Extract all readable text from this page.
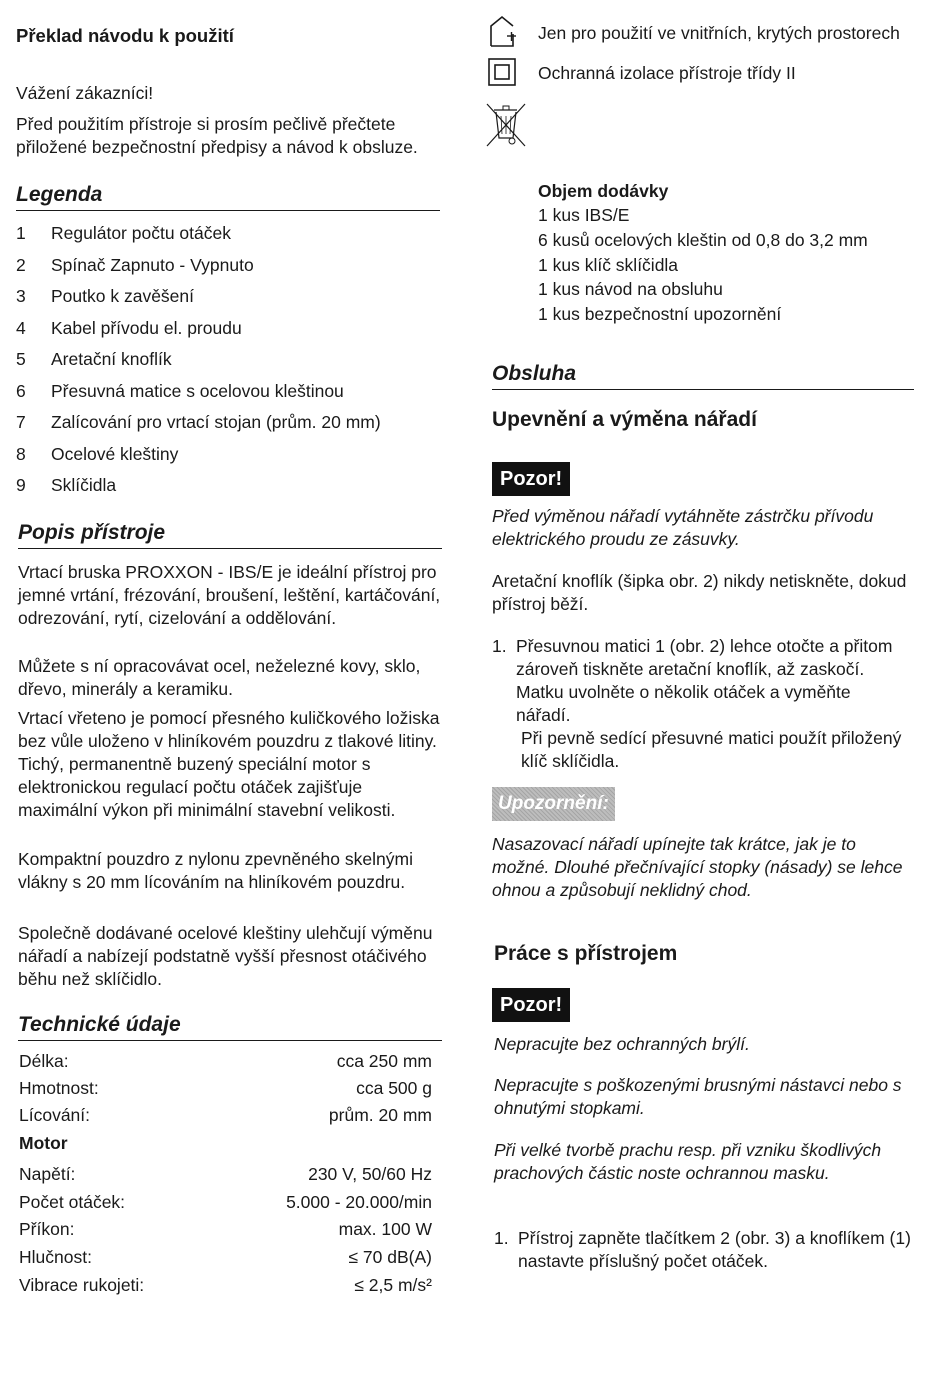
Překlad návodu k použití

Vážení zákazníci!

Před použitím přístroje si prosím pečlivě přečtete přiložené bezpečnostní předpisy a návod k obsluze.

Legenda
1	Regulátor počtu otáček
2	Spínač Zapnuto - Vypnuto
3	Poutko k zavěšení
4	Kabel přívodu el. proudu
5	Aretační knoflík
6	Přesuvná matice s ocelovou kleštinou
7	Zalícování pro vrtací stojan (prům. 20 mm)
8	Ocelové kleštiny
9	Sklíčidla
Popis přístroje

Vrtací bruska PROXXON - IBS/E je ideální přístroj pro jemné vrtání, frézování, broušení, leštění, kartáčování, odrezování, rytí, cizelování a oddělování.

Můžete s ní opracovávat ocel, neželezné kovy, sklo, dřevo, minerály a keramiku.

Vrtací vřeteno je pomocí přesného kuličkového ložiska bez vůle uloženo v hliníkovém pouzdru z tlakové litiny. Tichý, permanentně buzený speciální motor s elektronickou regulací počtu otáček zajišťuje maximální výkon při minimální stavební velikosti.

Kompaktní pouzdro z nylonu zpevněného skelnými vlákny s 20 mm lícováním na hliníkovém pouzdru.

Společně dodávané ocelové kleštiny ulehčují výměnu nářadí a nabízejí podstatně vyšší přesnost otáčivého běhu než sklíčidlo.

Technické údaje
Délka:	cca 250 mm
Hmotnost:	cca 500 g
Lícování:	prům. 20 mm
Motor
Napětí:	230 V, 50/60 Hz
Počet otáček:	5.000 - 20.000/min
Příkon:	max. 100 W
Hlučnost:	≤ 70 dB(A)
Vibrace rukojeti:	≤ 2,5 m/s²
Jen pro použití ve vnitřních, krytých prostorech
Ochranná izolace přístroje třídy II
Objem dodávky
1 kus IBS/E
6 kusů ocelových kleštin od 0,8 do 3,2 mm
1 kus klíč sklíčidla
1 kus návod na obsluhu
1 kus bezpečnostní upozornění
Obsluha
Upevnění a výměna nářadí
Pozor!

Před výměnou nářadí vytáhněte zástrčku přívodu elektrického proudu ze zásuvky.

Aretační knoflík (šipka obr. 2) nikdy netiskněte, dokud přístroj běží.

1. Přesuvnou matici 1 (obr. 2) lehce otočte a přitom zároveň tiskněte aretační knoflík, až zaskočí. Matku uvolněte o několik otáček a vyměňte nářadí.

Při pevně sedící přesuvné matici použít přiložený klíč sklíčidla.

Upozornění:

Nasazovací nářadí upínejte tak krátce, jak je to možné. Dlouhé přečnívající stopky (násady) se lehce ohnou a způsobují neklidný chod.

Práce s přístrojem
Pozor!

Nepracujte bez ochranných brýlí.

Nepracujte s poškozenými brusnými nástavci nebo s ohnutými stopkami.

Při velké tvorbě prachu resp. při vzniku škodlivých prachových částic noste ochrannou masku.

1. Přístroj zapněte tlačítkem 2 (obr. 3) a knoflíkem (1) nastavte příslušný počet otáček.
